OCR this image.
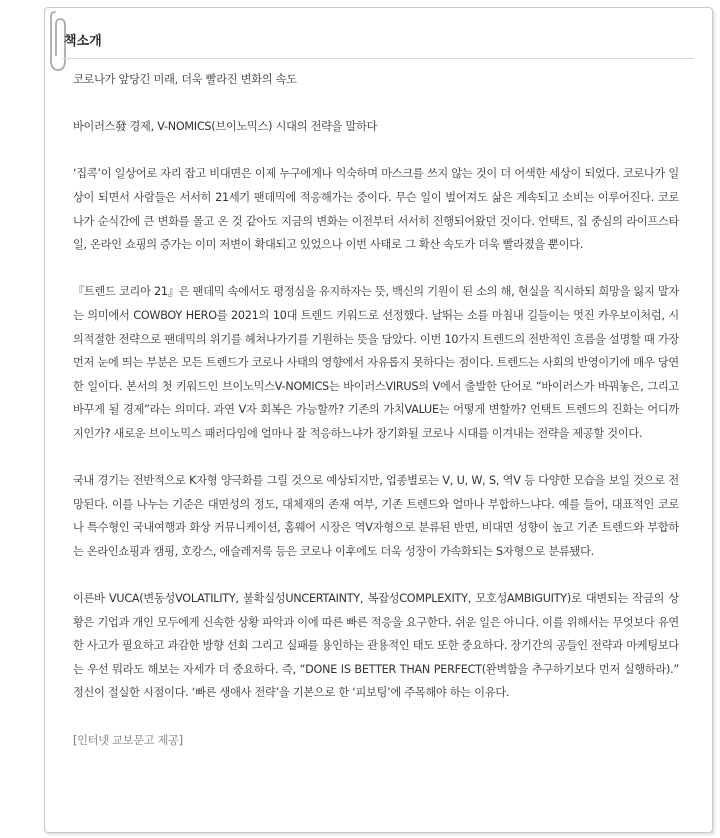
책소개

코로나가 앞당긴 미래, 더욱 빨라진 변화의 속도

바이러스發 경제, V-NOMICS(브이노믹스) 시대의 전략을 말하다

‘집콕’이 일상어로 자리 잡고 비대면은 이제 누구에게나 익숙하며 마스크를 쓰지 않는 것이 더 어색한 세상이 되었다. 코로나가 일상이 되면서 사람들은 서서히 21세기 팬데믹에 적응해가는 중이다. 무슨 일이 벌어져도 삶은 계속되고 소비는 이루어진다. 코로나가 순식간에 큰 변화를 몰고 온 것 같아도 지금의 변화는 이전부터 서서히 진행되어왔던 것이다. 언택트, 집 중심의 라이프스타일, 온라인 쇼핑의 증가는 이미 저변이 확대되고 있었으나 이번 사태로 그 확산 속도가 더욱 빨라졌을 뿐이다.

『트렌드 코리아 21』은 팬데믹 속에서도 평정심을 유지하자는 뜻, 백신의 기원이 된 소의 해, 현실을 직시하되 희망을 잃지 말자는 의미에서 COWBOY HERO를 2021의 10대 트렌드 키워드로 선정했다. 날뛰는 소를 마침내 길들이는 멋진 카우보이처럼, 시의적절한 전략으로 팬데믹의 위기를 헤쳐나가기를 기원하는 뜻을 담았다. 이번 10가지 트렌드의 전반적인 흐름을 설명할 때 가장 먼저 눈에 띄는 부분은 모든 트렌드가 코로나 사태의 영향에서 자유롭지 못하다는 점이다. 트렌드는 사회의 반영이기에 매우 당연한 일이다. 본서의 첫 키워드인 브이노믹스V-NOMICS는 바이러스VIRUS의 V에서 출발한 단어로 “바이러스가 바꿔놓은, 그리고 바꾸게 될 경제”라는 의미다. 과연 V자 회복은 가능할까? 기존의 가치VALUE는 어떻게 변할까? 언택트 트렌드의 진화는 어디까지인가? 새로운 브이노믹스 패러다임에 얼마나 잘 적응하느냐가 장기화될 코로나 시대를 이겨내는 전략을 제공할 것이다.

국내 경기는 전반적으로 K자형 양극화를 그릴 것으로 예상되지만, 업종별로는 V, U, W, S, 역V 등 다양한 모습을 보일 것으로 전망된다. 이를 나누는 기준은 대면성의 정도, 대체재의 존재 여부, 기존 트렌드와 얼마나 부합하느냐다. 예를 들어, 대표적인 코로나 특수형인 국내여행과 화상 커뮤니케이션, 홈웨어 시장은 역V자형으로 분류된 반면, 비대면 성향이 높고 기존 트렌드와 부합하는 온라인쇼핑과 캠핑, 호캉스, 애슬레저룩 등은 코로나 이후에도 더욱 성장이 가속화되는 S자형으로 분류됐다.

이른바 VUCA(변동성VOLATILITY, 불확실성UNCERTAINTY, 복잡성COMPLEXITY, 모호성AMBIGUITY)로 대변되는 작금의 상황은 기업과 개인 모두에게 신속한 상황 파악과 이에 따른 빠른 적응을 요구한다. 쉬운 일은 아니다. 이를 위해서는 무엇보다 유연한 사고가 필요하고 과감한 방향 선회 그리고 실패를 용인하는 관용적인 태도 또한 중요하다. 장기간의 공들인 전략과 마케팅보다는 우선 뭐라도 해보는 자세가 더 중요하다. 즉, “DONE IS BETTER THAN PERFECT(완벽함을 추구하기보다 먼저 실행하라).” 정신이 절실한 시점이다. ‘빠른 생애사 전략’을 기본으로 한 ‘피보팅’에 주목해야 하는 이유다.

[인터넷 교보문고 제공]
